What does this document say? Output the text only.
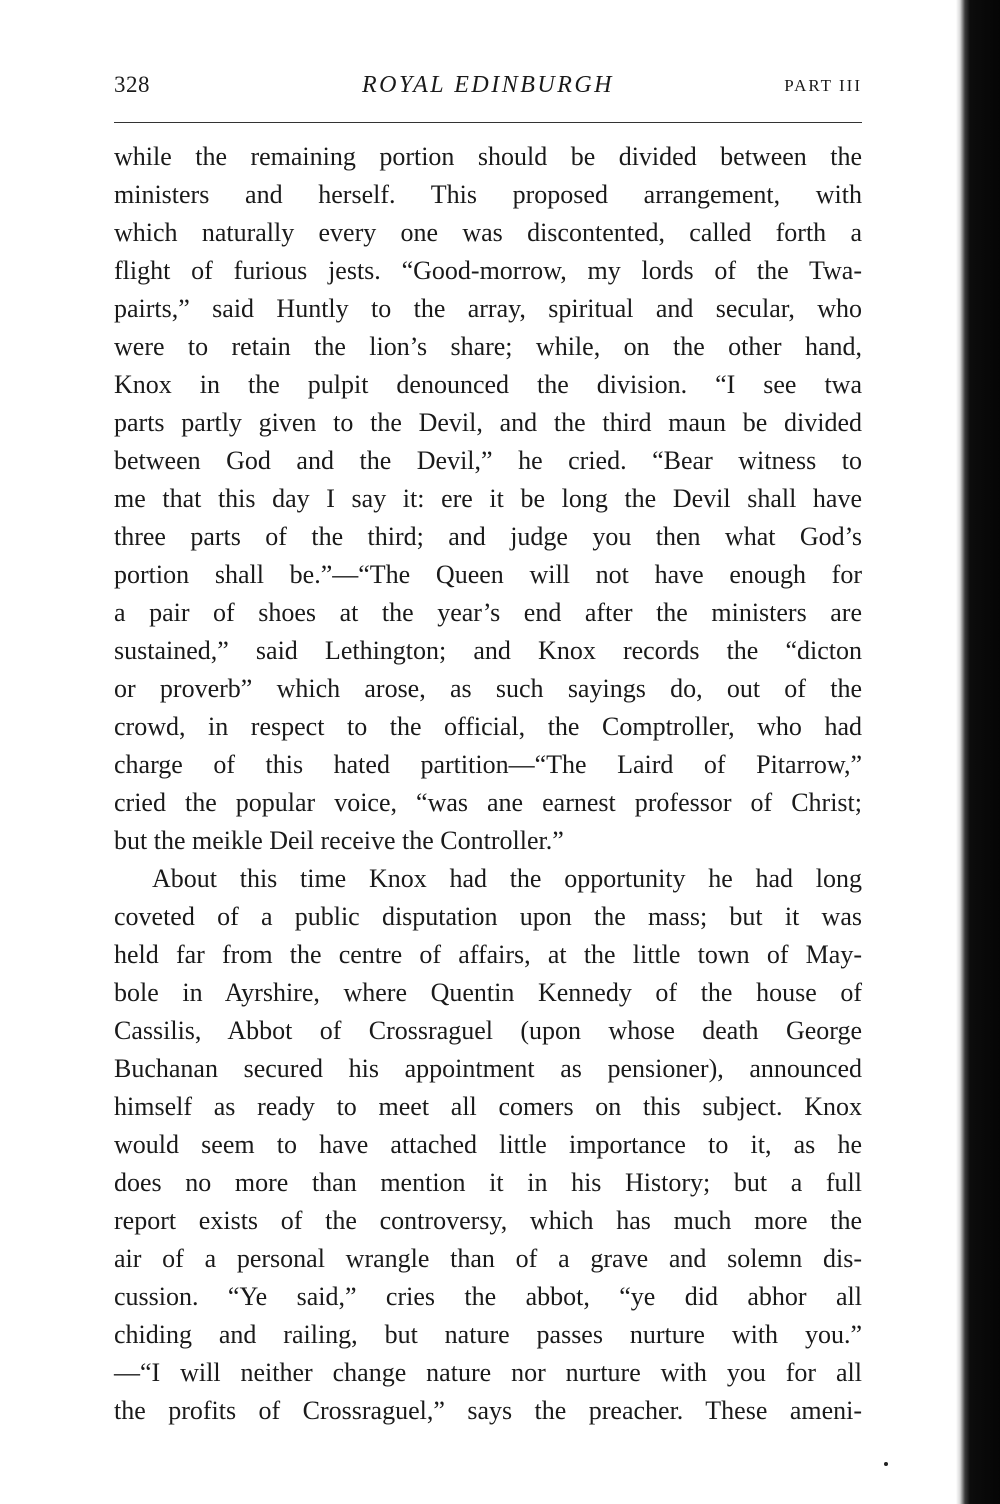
328	ROYAL EDINBURGH	PART III
while the remaining portion should be divided between the
ministers and herself. This proposed arrangement, with
which naturally every one was discontented, called forth a
flight of furious jests. “Good-morrow, my lords of the Twa-
pairts,” said Huntly to the array, spiritual and secular, who
were to retain the lion’s share; while, on the other hand,
Knox in the pulpit denounced the division. “I see twa
parts partly given to the Devil, and the third maun be divided
between God and the Devil,” he cried. “Bear witness to
me that this day I say it: ere it be long the Devil shall have
three parts of the third; and judge you then what God’s
portion shall be.”—“The Queen will not have enough for
a pair of shoes at the year’s end after the ministers are
sustained,” said Lethington; and Knox records the “dicton
or proverb” which arose, as such sayings do, out of the
crowd, in respect to the official, the Comptroller, who had
charge of this hated partition—“The Laird of Pitarrow,”
cried the popular voice, “was ane earnest professor of Christ;
but the meikle Deil receive the Controller.”
About this time Knox had the opportunity he had long
coveted of a public disputation upon the mass; but it was
held far from the centre of affairs, at the little town of May-
bole in Ayrshire, where Quentin Kennedy of the house of
Cassilis, Abbot of Crossraguel (upon whose death George
Buchanan secured his appointment as pensioner), announced
himself as ready to meet all comers on this subject. Knox
would seem to have attached little importance to it, as he
does no more than mention it in his History; but a full
report exists of the controversy, which has much more the
air of a personal wrangle than of a grave and solemn dis-
cussion. “Ye said,” cries the abbot, “ye did abhor all
chiding and railing, but nature passes nurture with you.”
—“I will neither change nature nor nurture with you for all
the profits of Crossraguel,” says the preacher. These ameni-
